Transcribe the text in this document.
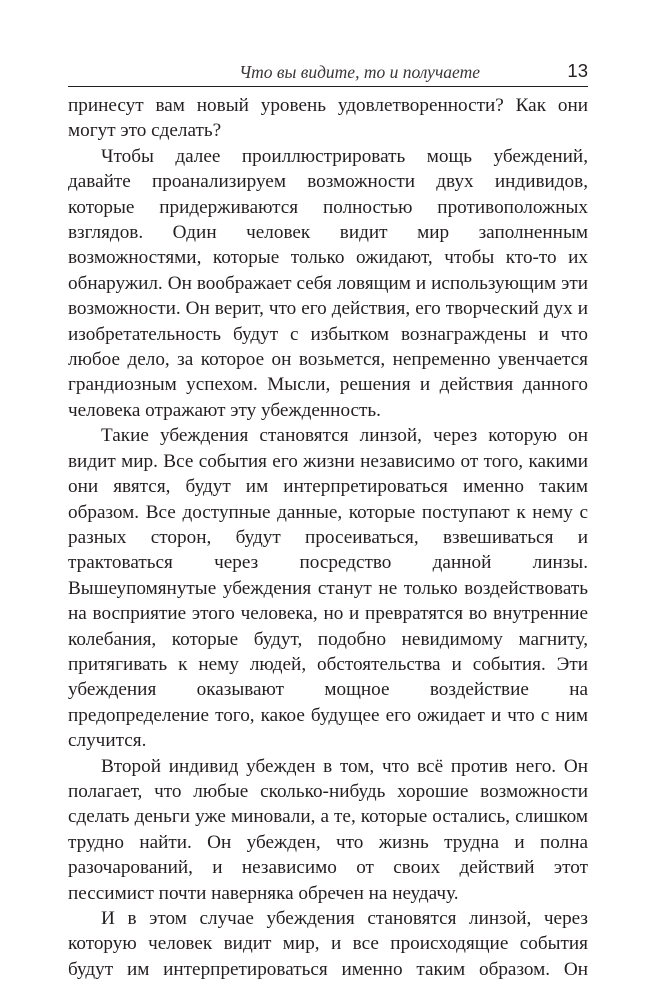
Что вы видите, то и получаете	13

принесут вам новый уровень удовлетворенности? Как они могут это сделать?

Чтобы далее проиллюстрировать мощь убеждений, давайте проанализируем возможности двух индивидов, которые придерживаются полностью противоположных взглядов. Один человек видит мир заполненным возможностями, которые только ожидают, чтобы кто-то их обнаружил. Он воображает себя ловящим и использующим эти возможности. Он верит, что его действия, его творческий дух и изобретательность будут с избытком вознаграждены и что любое дело, за которое он возьмется, непременно увенчается грандиозным успехом. Мысли, решения и действия данного человека отражают эту убежденность.

Такие убеждения становятся линзой, через которую он видит мир. Все события его жизни независимо от того, какими они явятся, будут им интерпретироваться именно таким образом. Все доступные данные, которые поступают к нему с разных сторон, будут просеиваться, взвешиваться и трактоваться через посредство данной линзы. Вышеупомянутые убеждения станут не только воздействовать на восприятие этого человека, но и превратятся во внутренние колебания, которые будут, подобно невидимому магниту, притягивать к нему людей, обстоятельства и события. Эти убеждения оказывают мощное воздействие на предопределение того, какое будущее его ожидает и что с ним случится.

Второй индивид убежден в том, что всё против него. Он полагает, что любые сколько-нибудь хорошие возможности сделать деньги уже миновали, а те, которые остались, слишком трудно найти. Он убежден, что жизнь трудна и полна разочарований, и независимо от своих действий этот пессимист почти наверняка обречен на неудачу.

И в этом случае убеждения становятся линзой, через которую человек видит мир, и все происходящие события будут им интерпретироваться именно таким образом. Он
